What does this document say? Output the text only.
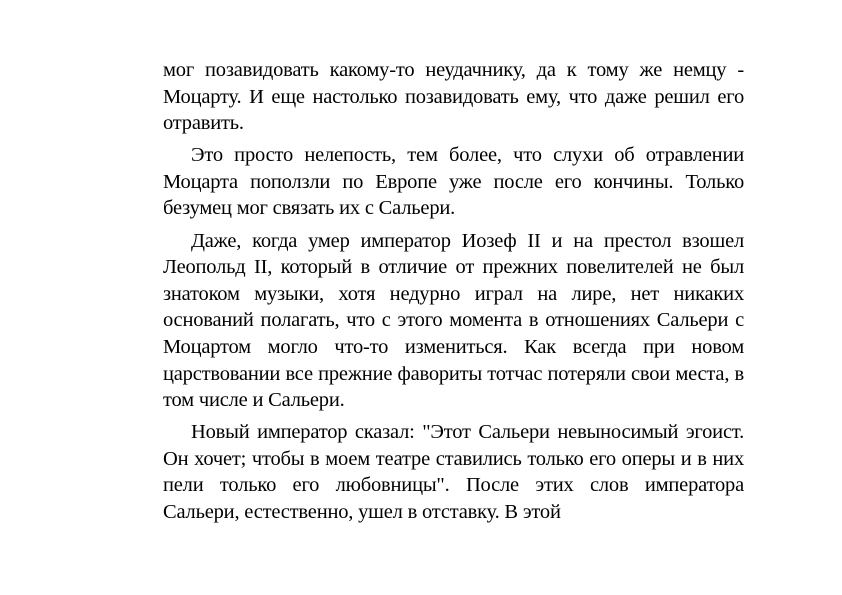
мог позавидовать какому-то неудачнику, да к тому же немцу - Моцарту. И еще настолько позавидовать ему, что даже решил его отравить.

Это просто нелепость, тем более, что слухи об отравлении Моцарта поползли по Европе уже после его кончины. Только безумец мог связать их с Сальери.

Даже, когда умер император Иозеф II и на престол взошел Леопольд II, который в отличие от прежних повелителей не был знатоком музыки, хотя недурно играл на лире, нет никаких оснований полагать, что с этого момента в отношениях Сальери с Моцартом могло что-то измениться. Как всегда при новом царствовании все прежние фавориты тотчас потеряли свои места, в том числе и Сальери.

Новый император сказал: "Этот Сальери невыносимый эгоист. Он хочет; чтобы в моем театре ставились только его оперы и в них пели только его любовницы". После этих слов императора Сальери, естественно, ушел в отставку. В этой
